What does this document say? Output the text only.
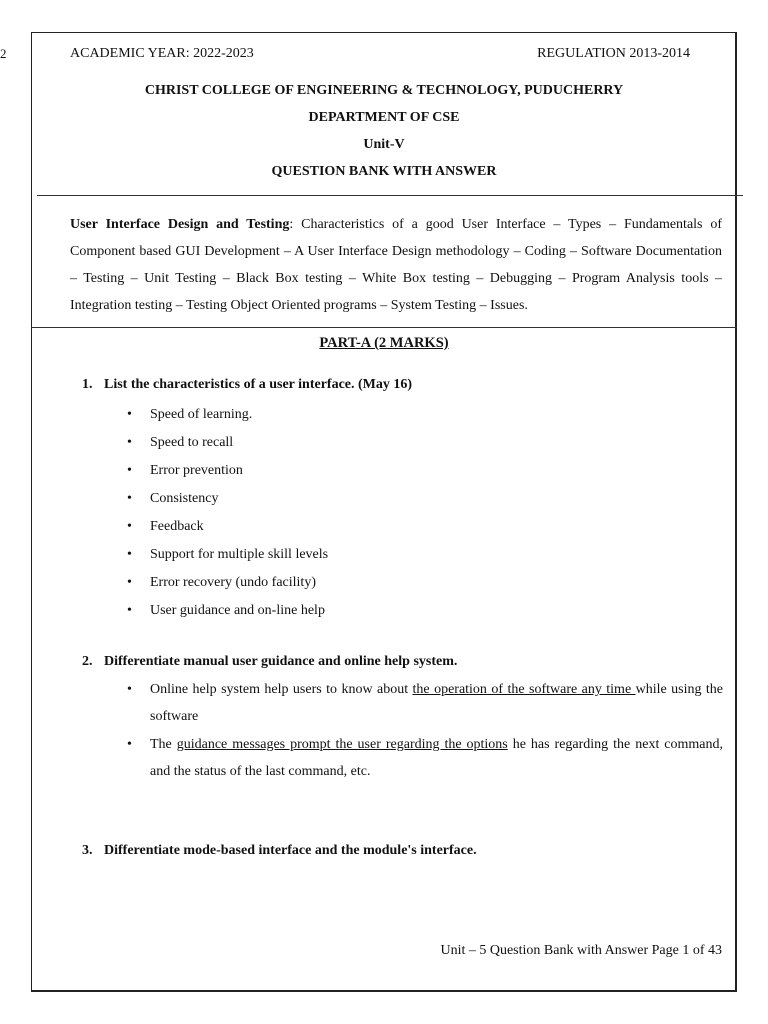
2	ACADEMIC YEAR: 2022-2023	REGULATION 2013-2014
CHRIST COLLEGE OF ENGINEERING & TECHNOLOGY, PUDUCHERRY
DEPARTMENT OF CSE
Unit-V
QUESTION BANK WITH ANSWER
User Interface Design and Testing: Characteristics of a good User Interface – Types – Fundamentals of Component based GUI Development – A User Interface Design methodology – Coding – Software Documentation – Testing – Unit Testing – Black Box testing – White Box testing – Debugging – Program Analysis tools – Integration testing – Testing Object Oriented programs – System Testing – Issues.
PART-A (2 MARKS)
1. List the characteristics of a user interface. (May 16)
• Speed of learning.
• Speed to recall
• Error prevention
• Consistency
• Feedback
• Support for multiple skill levels
• Error recovery (undo facility)
• User guidance and on-line help
2. Differentiate manual user guidance and online help system.
• Online help system help users to know about the operation of the software any time while using the software
• The guidance messages prompt the user regarding the options he has regarding the next command, and the status of the last command, etc.
3. Differentiate mode-based interface and the module's interface.
Unit – 5 Question Bank with Answer Page 1 of 43
